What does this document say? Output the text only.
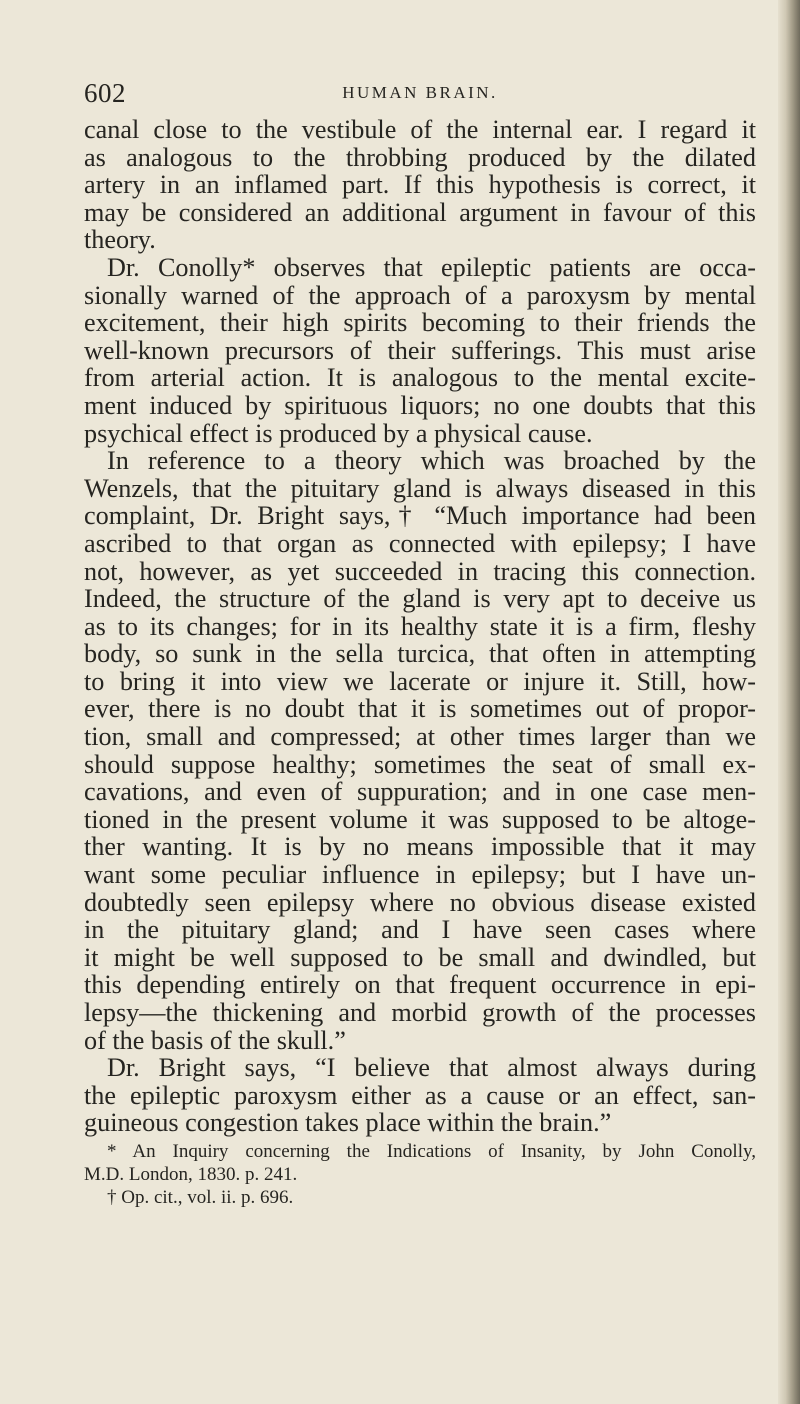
602	HUMAN BRAIN.
canal close to the vestibule of the internal ear. I regard it
as analogous to the throbbing produced by the dilated
artery in an inflamed part. If this hypothesis is correct, it
may be considered an additional argument in favour of this
theory.
Dr. Conolly* observes that epileptic patients are occa-
sionally warned of the approach of a paroxysm by mental
excitement, their high spirits becoming to their friends the
well-known precursors of their sufferings. This must arise
from arterial action. It is analogous to the mental excite-
ment induced by spirituous liquors; no one doubts that this
psychical effect is produced by a physical cause.
In reference to a theory which was broached by the
Wenzels, that the pituitary gland is always diseased in this
complaint, Dr. Bright says,† “Much importance had been
ascribed to that organ as connected with epilepsy; I have
not, however, as yet succeeded in tracing this connection.
Indeed, the structure of the gland is very apt to deceive us
as to its changes; for in its healthy state it is a firm, fleshy
body, so sunk in the sella turcica, that often in attempting
to bring it into view we lacerate or injure it. Still, how-
ever, there is no doubt that it is sometimes out of propor-
tion, small and compressed; at other times larger than we
should suppose healthy; sometimes the seat of small ex-
cavations, and even of suppuration; and in one case men-
tioned in the present volume it was supposed to be altoge-
ther wanting. It is by no means impossible that it may
want some peculiar influence in epilepsy; but I have un-
doubtedly seen epilepsy where no obvious disease existed
in the pituitary gland; and I have seen cases where
it might be well supposed to be small and dwindled, but
this depending entirely on that frequent occurrence in epi-
lepsy—the thickening and morbid growth of the processes
of the basis of the skull.”
Dr. Bright says, “I believe that almost always during
the epileptic paroxysm either as a cause or an effect, san-
guineous congestion takes place within the brain.”
* An Inquiry concerning the Indications of Insanity, by John Conolly,
M.D. London, 1830. p. 241.
† Op. cit., vol. ii. p. 696.
